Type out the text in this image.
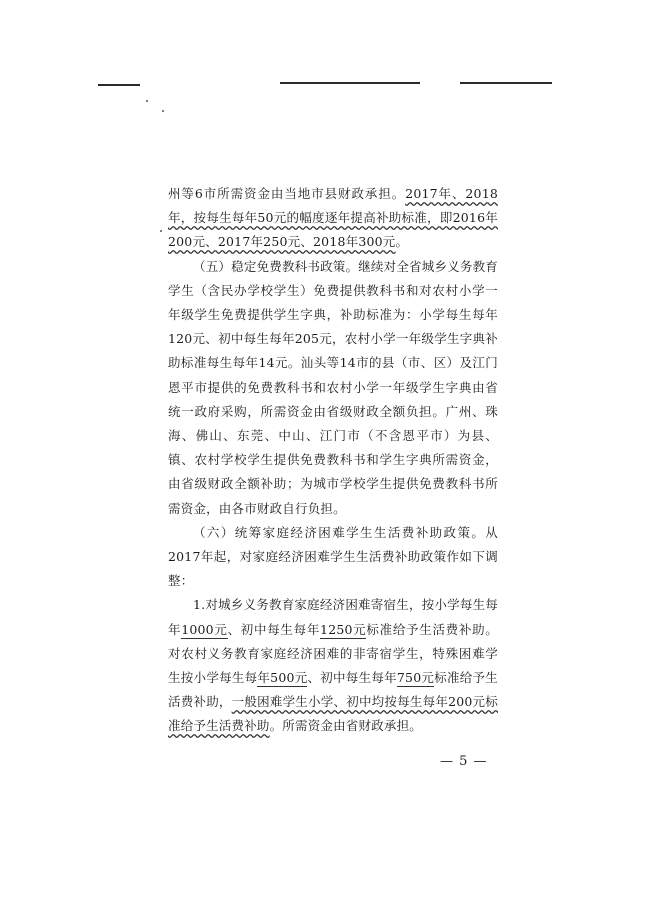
州等6市所需资金由当地市县财政承担。2017年、2018年，按每生每年50元的幅度逐年提高补助标准，即2016年200元、2017年250元、2018年300元。

（五）稳定免费教科书政策。继续对全省城乡义务教育学生（含民办学校学生）免费提供教科书和对农村小学一年级学生免费提供学生字典，补助标准为：小学每生每年120元、初中每生每年205元，农村小学一年级学生字典补助标准每生每年14元。汕头等14市的县（市、区）及江门恩平市提供的免费教科书和农村小学一年级学生字典由省统一政府采购，所需资金由省级财政全额负担。广州、珠海、佛山、东莞、中山、江门市（不含恩平市）为县、镇、农村学校学生提供免费教科书和学生字典所需资金，由省级财政全额补助；为城市学校学生提供免费教科书所需资金，由各市财政自行负担。

（六）统筹家庭经济困难学生生活费补助政策。从2017年起，对家庭经济困难学生生活费补助政策作如下调整：

1.对城乡义务教育家庭经济困难寄宿生，按小学每生每年1000元、初中每生每年1250元标准给予生活费补助。对农村义务教育家庭经济困难的非寄宿学生，特殊困难学生按小学每生每年500元、初中每生每年750元标准给予生活费补助，一般困难学生小学、初中均按每生每年200元标准给予生活费补助。所需资金由省财政承担。

— 5 —
